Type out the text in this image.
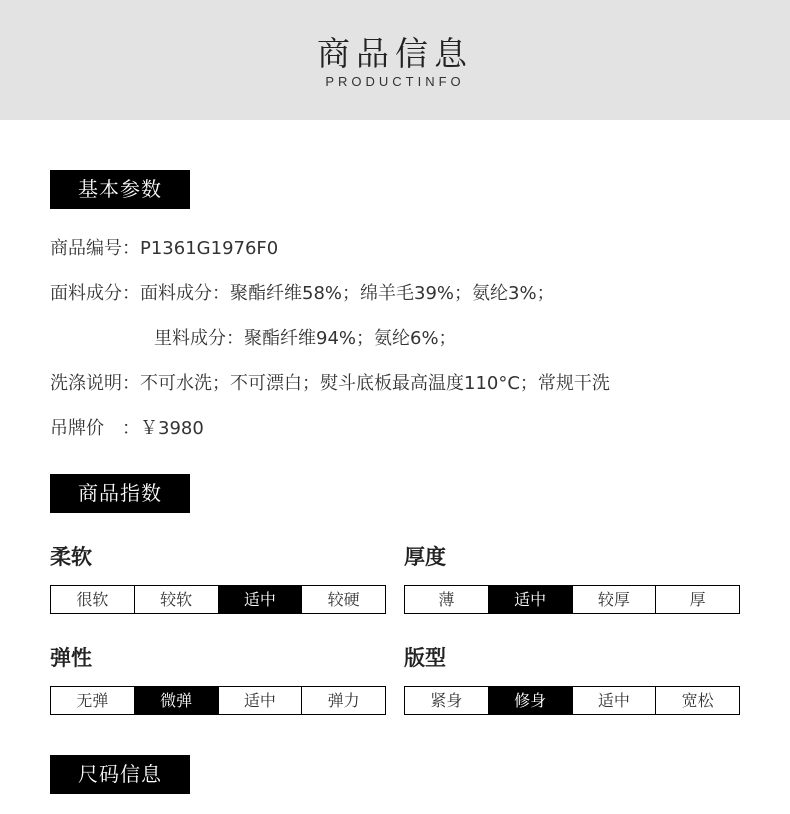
商品信息
PRODUCTINFO
基本参数
商品编号：P1361G1976F0
面料成分：面料成分：聚酯纤维58%；绵羊毛39%；氨纶3%；
里料成分：聚酯纤维94%；氨纶6%；
洗涤说明：不可水洗；不可漂白；熨斗底板最高温度110°C；常规干洗
吊牌价　：￥3980
商品指数
柔软
很软	较软	适中	较硬
厚度
薄	适中	较厚	厚
弹性
无弹	微弹	适中	弹力
版型
紧身	修身	适中	宽松
尺码信息
